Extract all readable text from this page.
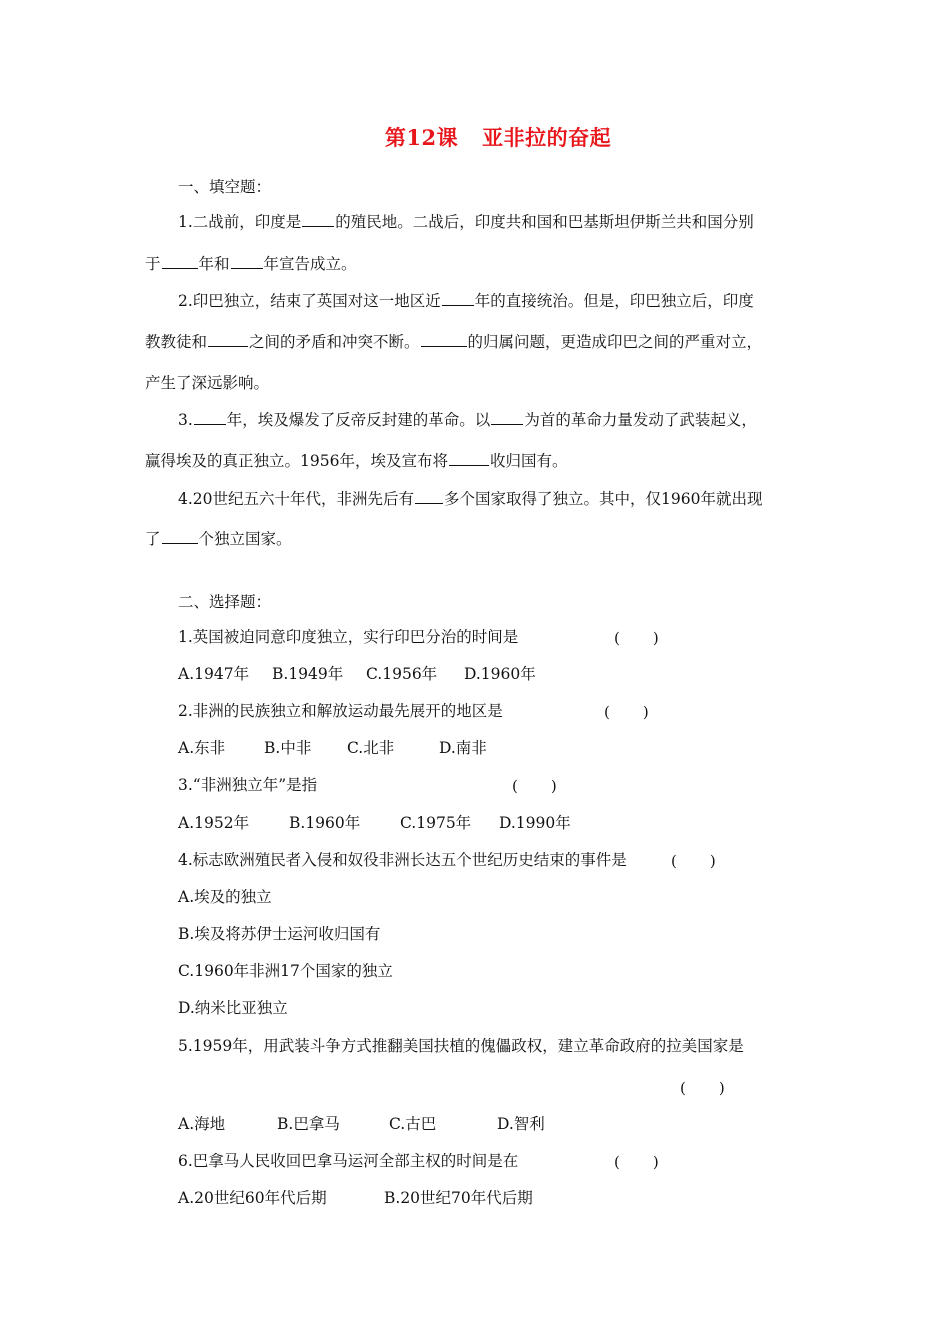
第12课 亚非拉的奋起
一、填空题：
1.二战前，印度是 的殖民地。二战后，印度共和国和巴基斯坦伊斯兰共和国分别
于 年和 年宣告成立。
2.印巴独立，结束了英国对这一地区近 年的直接统治。但是，印巴独立后，印度
教教徒和	之间的矛盾和冲突不断。	的归属问题，更造成印巴之间的严重对立，
产生了深远影响。
3. 年，埃及爆发了反帝反封建的革命。以 为首的革命力量发动了武装起义，
赢得埃及的真正独立。1956年，埃及宣布将	收归国有。
4.20世纪五六十年代，非洲先后有 多个国家取得了独立。其中，仅1960年就出现
了 个独立国家。
二、选择题：
1.英国被迫同意印度独立，实行印巴分治的时间是	(　　)
A.1947年 B.1949年 C.1956年 D.1960年
2.非洲的民族独立和解放运动最先展开的地区是	(　　)
A.东非	B.中非 C.北非	D.南非
3.“非洲独立年”是指	(　　)
A.1952年	B.1960年	C.1975年 D.1990年
4.标志欧洲殖民者入侵和奴役非洲长达五个世纪历史结束的事件是	(　　)
A.埃及的独立
B.埃及将苏伊士运河收归国有
C.1960年非洲17个国家的独立
D.纳米比亚独立
5.1959年，用武装斗争方式推翻美国扶植的傀儡政权，建立革命政府的拉美国家是
(　　)
A.海地	B.巴拿马	C.古巴	D.智利
6.巴拿马人民收回巴拿马运河全部主权的时间是在	(　　)
A.20世纪60年代后期	B.20世纪70年代后期
